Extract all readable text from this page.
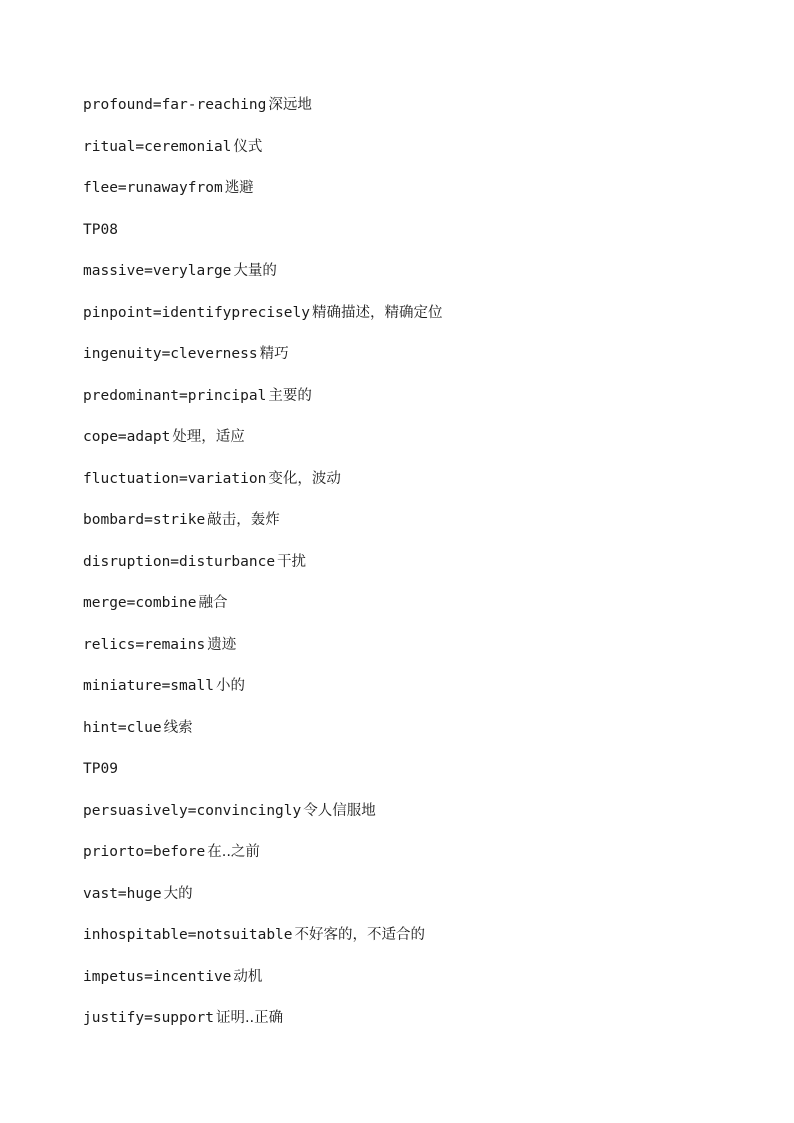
profound=far-reaching 深远地
ritual=ceremonial 仪式
flee=runawayfrom 逃避
TP08
massive=verylarge 大量的
pinpoint=identifyprecisely 精确描述，精确定位
ingenuity=cleverness 精巧
predominant=principal 主要的
cope=adapt 处理，适应
fluctuation=variation 变化，波动
bombard=strike 敲击，轰炸
disruption=disturbance 干扰
merge=combine 融合
relics=remains 遗迹
miniature=small 小的
hint=clue 线索
TP09
persuasively=convincingly 令人信服地
priorto=before 在..之前
vast=huge 大的
inhospitable=notsuitable 不好客的，不适合的
impetus=incentive 动机
justify=support 证明..正确
